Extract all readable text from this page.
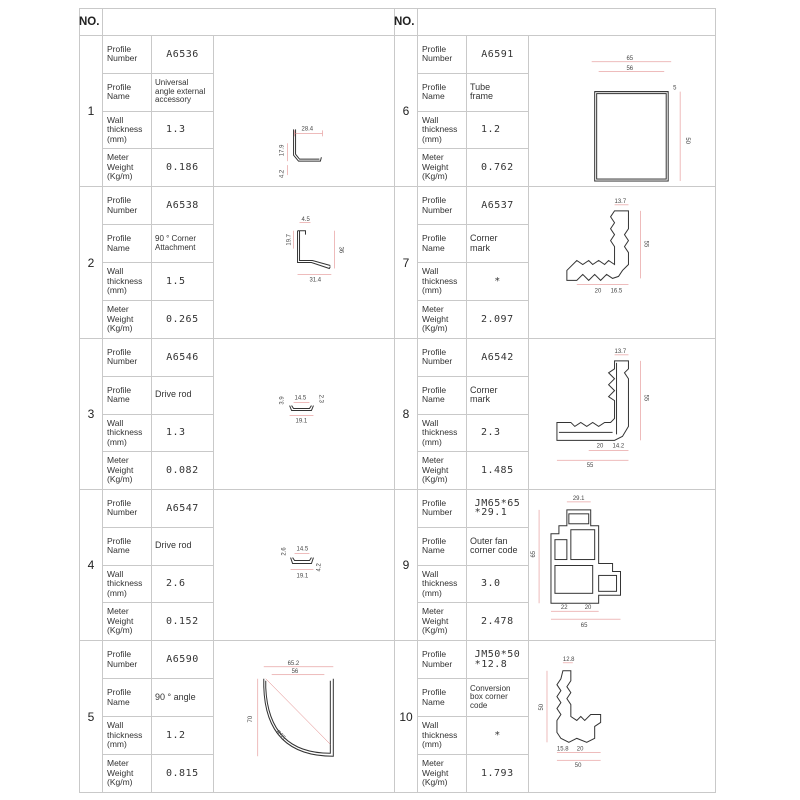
NO.
1
Profile
Number
Profile
Name
Wall
thickness
(mm)
Meter
Weight
(Kg/m)
A6536
Universal
angle external
accessory
1.3
0.186
28.4
17.9
4.2
2
Profile
Number
Profile
Name
Wall
thickness
(mm)
Meter
Weight
(Kg/m)
A6538
90 ° Corner
Attachment
1.5
0.265
4.5
19.7
36
31.4
3
Profile
Number
Profile
Name
Wall
thickness
(mm)
Meter
Weight
(Kg/m)
A6546
Drive rod
1.3
0.082
14.5
3.9	2.3
19.1
4
Profile
Number
Profile
Name
Wall
thickness
(mm)
Meter
Weight
(Kg/m)
A6547
Drive rod
2.6
0.152
14.5
2.6
19.1
4.2
5
Profile
Number
Profile
Name
Wall
thickness
(mm)
Meter
Weight
(Kg/m)
A6590
90 ° angle
1.2
0.815
65.2
56
70
R65
NO.
6
Profile
Number
Profile
Name
Wall
thickness
(mm)
Meter
Weight
(Kg/m)
A6591
Tube
frame
1.2
0.762
65
56
5
50
7
Profile
Number
Profile
Name
Wall
thickness
(mm)
Meter
Weight
(Kg/m)
A6537
Corner
mark
*
2.097
13.7
55
20 16.5
8
Profile
Number
Profile
Name
Wall
thickness
(mm)
Meter
Weight
(Kg/m)
A6542
Corner
mark
2.3
1.485
13.7
55
20 14.2
55
9
Profile
Number
Profile
Name
Wall
thickness
(mm)
Meter
Weight
(Kg/m)
JM65*65
*29.1
Outer fan
corner code
3.0
2.478
29.1
65
22	20
65
10
Profile
Number
Profile
Name
Wall
thickness
(mm)
Meter
Weight
(Kg/m)
JM50*50
*12.8
Conversion
box corner
code
*
1.793
12.8
50
15.8 20
50
